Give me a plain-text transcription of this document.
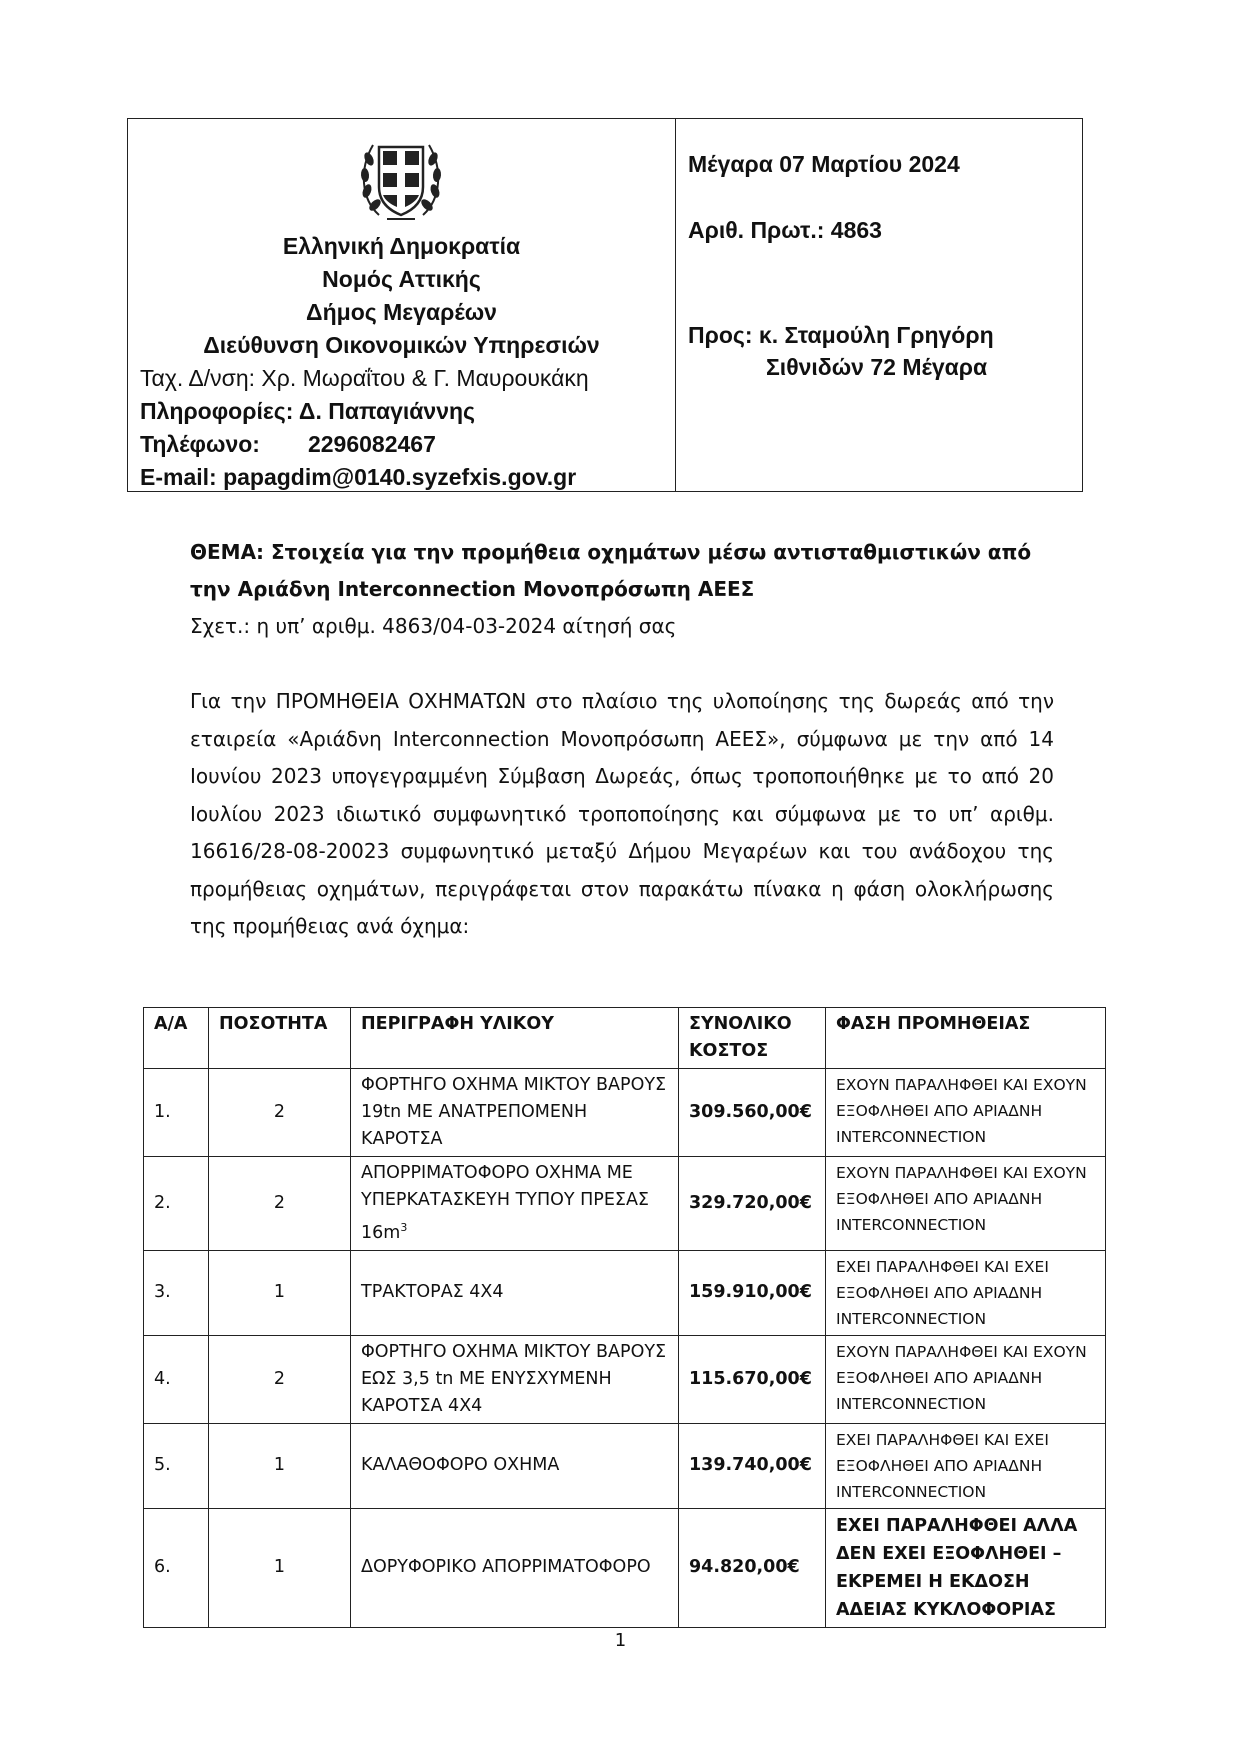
Ελληνική Δημοκρατία
Νομός Αττικής
Δήμος Μεγαρέων
Διεύθυνση Οικονομικών Υπηρεσιών
Ταχ. Δ/νση: Χρ. Μωραΐτου & Γ. Μαυρουκάκη
Πληροφορίες: Δ. Παπαγιάννης
Τηλέφωνο: 2296082467
E-mail: papagdim@0140.syzefxis.gov.gr
Μέγαρα 07 Μαρτίου 2024
Αριθ. Πρωτ.: 4863
Προς: κ. Σταμούλη Γρηγόρη
Σιθνιδών 72 Μέγαρα
ΘΕΜΑ: Στοιχεία για την προμήθεια οχημάτων μέσω αντισταθμιστικών από την Αριάδνη Interconnection Μονοπρόσωπη ΑΕΕΣ
Σχετ.: η υπ’ αριθμ. 4863/04-03-2024 αίτησή σας
Για την ΠΡΟΜΗΘΕΙΑ ΟΧΗΜΑΤΩΝ στο πλαίσιο της υλοποίησης της δωρεάς από την εταιρεία «Αριάδνη Interconnection Μονοπρόσωπη ΑΕΕΣ», σύμφωνα με την από 14 Ιουνίου 2023 υπογεγραμμένη Σύμβαση Δωρεάς, όπως τροποποιήθηκε με το από 20 Ιουλίου 2023 ιδιωτικό συμφωνητικό τροποποίησης και σύμφωνα με το υπ’ αριθμ. 16616/28-08-20023 συμφωνητικό μεταξύ Δήμου Μεγαρέων και του ανάδοχου της προμήθειας οχημάτων, περιγράφεται στον παρακάτω πίνακα η φάση ολοκλήρωσης της προμήθειας ανά όχημα:
Α/Α	ΠΟΣΟΤΗΤΑ	ΠΕΡΙΓΡΑΦΗ ΥΛΙΚΟΥ	ΣΥΝΟΛΙΚΟ ΚΟΣΤΟΣ	ΦΑΣΗ ΠΡΟΜΗΘΕΙΑΣ
1.	2	ΦΟΡΤΗΓΟ ΟΧΗΜΑ ΜΙΚΤΟΥ ΒΑΡΟΥΣ 19tn ΜΕ ΑΝΑΤΡΕΠΟΜΕΝΗ ΚΑΡΟΤΣΑ	309.560,00€	ΕΧΟΥΝ ΠΑΡΑΛΗΦΘΕΙ ΚΑΙ ΕΧΟΥΝ ΕΞΟΦΛΗΘΕΙ ΑΠΟ ΑΡΙΑΔΝΗ INTERCONNECTION
2.	2	ΑΠΟΡΡΙΜΑΤΟΦΟΡΟ ΟΧΗΜΑ ΜΕ ΥΠΕΡΚΑΤΑΣΚΕΥΗ ΤΥΠΟΥ ΠΡΕΣΑΣ $16m^3$	329.720,00€	ΕΧΟΥΝ ΠΑΡΑΛΗΦΘΕΙ ΚΑΙ ΕΧΟΥΝ ΕΞΟΦΛΗΘΕΙ ΑΠΟ ΑΡΙΑΔΝΗ INTERCONNECTION
3.	1	ΤΡΑΚΤΟΡΑΣ 4Χ4	159.910,00€	ΕΧΕΙ ΠΑΡΑΛΗΦΘΕΙ ΚΑΙ ΕΧΕΙ ΕΞΟΦΛΗΘΕΙ ΑΠΟ ΑΡΙΑΔΝΗ INTERCONNECTION
4.	2	ΦΟΡΤΗΓΟ ΟΧΗΜΑ ΜΙΚΤΟΥ ΒΑΡΟΥΣ ΕΩΣ 3,5 tn ΜΕ ΕΝΥΣΧΥΜΕΝΗ ΚΑΡΟΤΣΑ 4Χ4	115.670,00€	ΕΧΟΥΝ ΠΑΡΑΛΗΦΘΕΙ ΚΑΙ ΕΧΟΥΝ ΕΞΟΦΛΗΘΕΙ ΑΠΟ ΑΡΙΑΔΝΗ INTERCONNECTION
5.	1	ΚΑΛΑΘΟΦΟΡΟ ΟΧΗΜΑ	139.740,00€	ΕΧΕΙ ΠΑΡΑΛΗΦΘΕΙ ΚΑΙ ΕΧΕΙ ΕΞΟΦΛΗΘΕΙ ΑΠΟ ΑΡΙΑΔΝΗ INTERCONNECTION
6.	1	ΔΟΡΥΦΟΡΙΚΟ ΑΠΟΡΡΙΜΑΤΟΦΟΡΟ	94.820,00€	ΕΧΕΙ ΠΑΡΑΛΗΦΘΕΙ ΑΛΛΑ ΔΕΝ ΕΧΕΙ ΕΞΟΦΛΗΘΕΙ – ΕΚΡΕΜΕΙ Η ΕΚΔΟΣΗ ΑΔΕΙΑΣ ΚΥΚΛΟΦΟΡΙΑΣ
1
